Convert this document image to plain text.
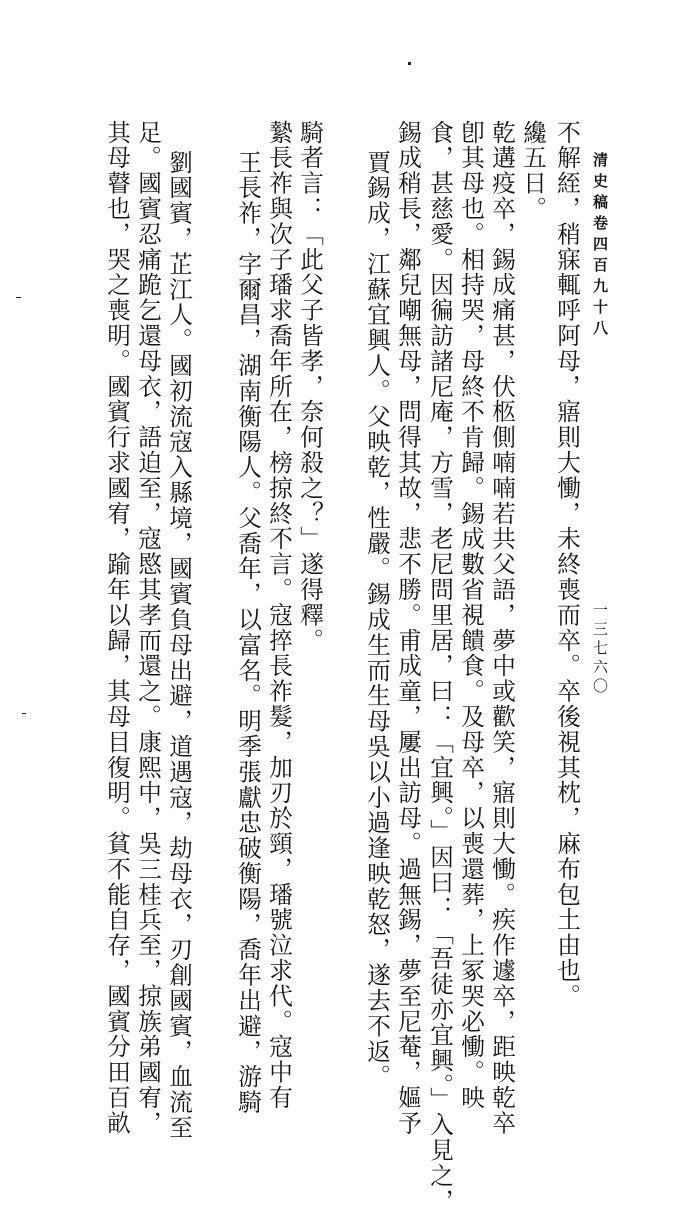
清史稿卷四百九十八
一三七六〇
不解絰，稍寐輒呼阿母，寤則大慟，未終喪而卒。卒後視其枕，麻布包土由也。
纔五日。
乾遘疫卒，錫成痛甚，伏柩側喃喃若共父語，夢中或歡笑，寤則大慟。疾作遽卒，距映乾卒
卽其母也。相持哭，母終不肯歸。錫成數省視饋食。及母卒，以喪還葬，上冢哭必慟。映
食，甚慈愛。因徧訪諸尼庵，方雪，老尼問里居，曰：「宜興。」因曰：「吾徒亦宜興。」入見之，
錫成稍長，鄰兒嘲無母，問得其故，悲不勝。甫成童，屢出訪母。過無錫，夢至尼菴，嫗予
賈錫成，江蘇宜興人。父映乾，性嚴。錫成生而生母吳以小過逢映乾怒，遂去不返。
騎者言：「此父子皆孝，奈何殺之？」遂得釋。
縶長祚與次子璠求喬年所在，榜掠終不言。寇捽長祚髮，加刃於頸，璠號泣求代。寇中有
王長祚，字爾昌，湖南衡陽人。父喬年，以富名。明季張獻忠破衡陽，喬年出避，游騎
劉國賓，芷江人。國初流寇入縣境，國賓負母出避，道遇寇，劫母衣，刃創國賓，血流至
足。國賓忍痛跪乞還母衣，語迫至，寇愍其孝而還之。康熙中，吳三桂兵至，掠族弟國宥，
其母瞽也，哭之喪明。國賓行求國宥，踰年以歸，其母目復明。貧不能自存，國賓分田百畝
